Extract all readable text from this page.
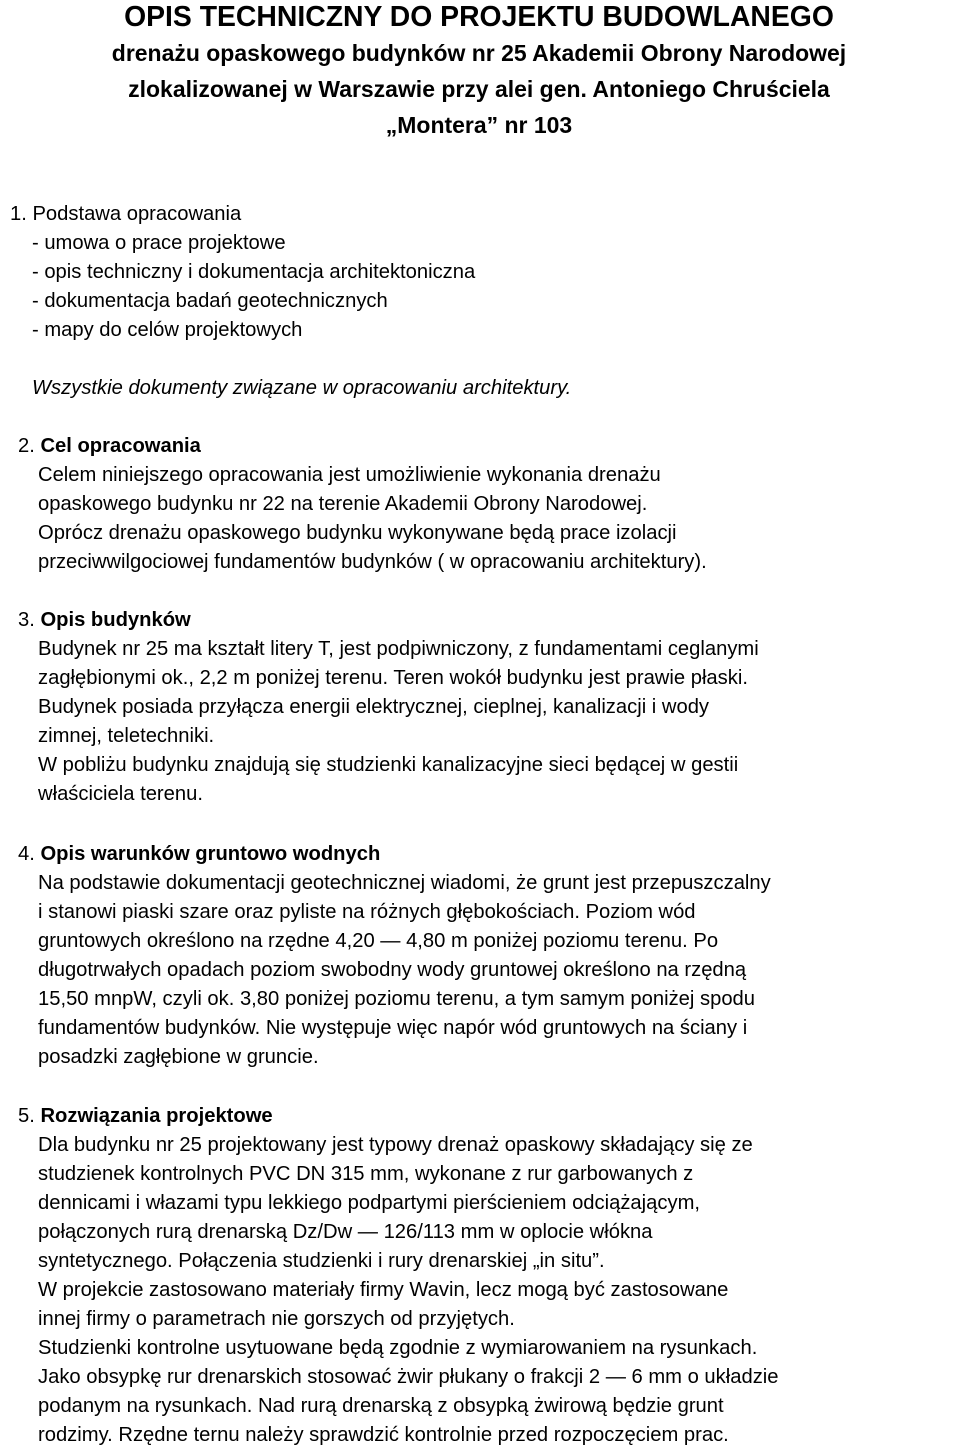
OPIS TECHNICZNY DO PROJEKTU BUDOWLANEGO
drenażu opaskowego budynków nr 25 Akademii Obrony Narodowej
zlokalizowanej w Warszawie przy alei gen. Antoniego Chruściela
„Montera” nr 103
1. Podstawa opracowania
- umowa o prace projektowe
- opis techniczny i dokumentacja architektoniczna
- dokumentacja badań geotechnicznych
- mapy do celów projektowych
Wszystkie dokumenty związane w opracowaniu architektury.
2. Cel opracowania
Celem niniejszego opracowania jest umożliwienie wykonania drenażu
opaskowego budynku nr 22 na terenie Akademii Obrony Narodowej.
Oprócz drenażu opaskowego budynku wykonywane będą prace izolacji
przeciwwilgociowej fundamentów budynków ( w opracowaniu architektury).
3. Opis budynków
Budynek nr 25 ma kształt litery T, jest podpiwniczony, z fundamentami ceglanymi
zagłębionymi ok., 2,2 m poniżej terenu. Teren wokół budynku jest prawie płaski.
Budynek posiada przyłącza energii elektrycznej, cieplnej, kanalizacji i wody
zimnej, teletechniki.
W pobliżu budynku znajdują się studzienki kanalizacyjne sieci będącej w gestii
właściciela terenu.
4. Opis warunków gruntowo wodnych
Na podstawie dokumentacji geotechnicznej wiadomi, że grunt jest przepuszczalny
i stanowi piaski szare oraz pyliste na różnych głębokościach. Poziom wód
gruntowych określono na rzędne 4,20 — 4,80 m poniżej poziomu terenu. Po
długotrwałych opadach poziom swobodny wody gruntowej określono na rzędną
15,50 mnpW, czyli ok. 3,80 poniżej poziomu terenu, a tym samym poniżej spodu
fundamentów budynków. Nie występuje więc napór wód gruntowych na ściany i
posadzki zagłębione w gruncie.
5. Rozwiązania projektowe
Dla budynku nr 25 projektowany jest typowy drenaż opaskowy składający się ze
studzienek kontrolnych PVC DN 315 mm, wykonane z rur garbowanych z
dennicami i włazami typu lekkiego podpartymi pierścieniem odciążającym,
połączonych rurą drenarską Dz/Dw — 126/113 mm w oplocie włókna
syntetycznego. Połączenia studzienki i rury drenarskiej „in situ”.
W projekcie zastosowano materiały firmy Wavin, lecz mogą być zastosowane
innej firmy o parametrach nie gorszych od przyjętych.
Studzienki kontrolne usytuowane będą zgodnie z wymiarowaniem na rysunkach.
Jako obsypkę rur drenarskich stosować żwir płukany o frakcji 2 — 6 mm o układzie
podanym na rysunkach. Nad rurą drenarską z obsypką żwirową będzie grunt
rodzimy. Rzędne ternu należy sprawdzić kontrolnie przed rozpoczęciem prac.
